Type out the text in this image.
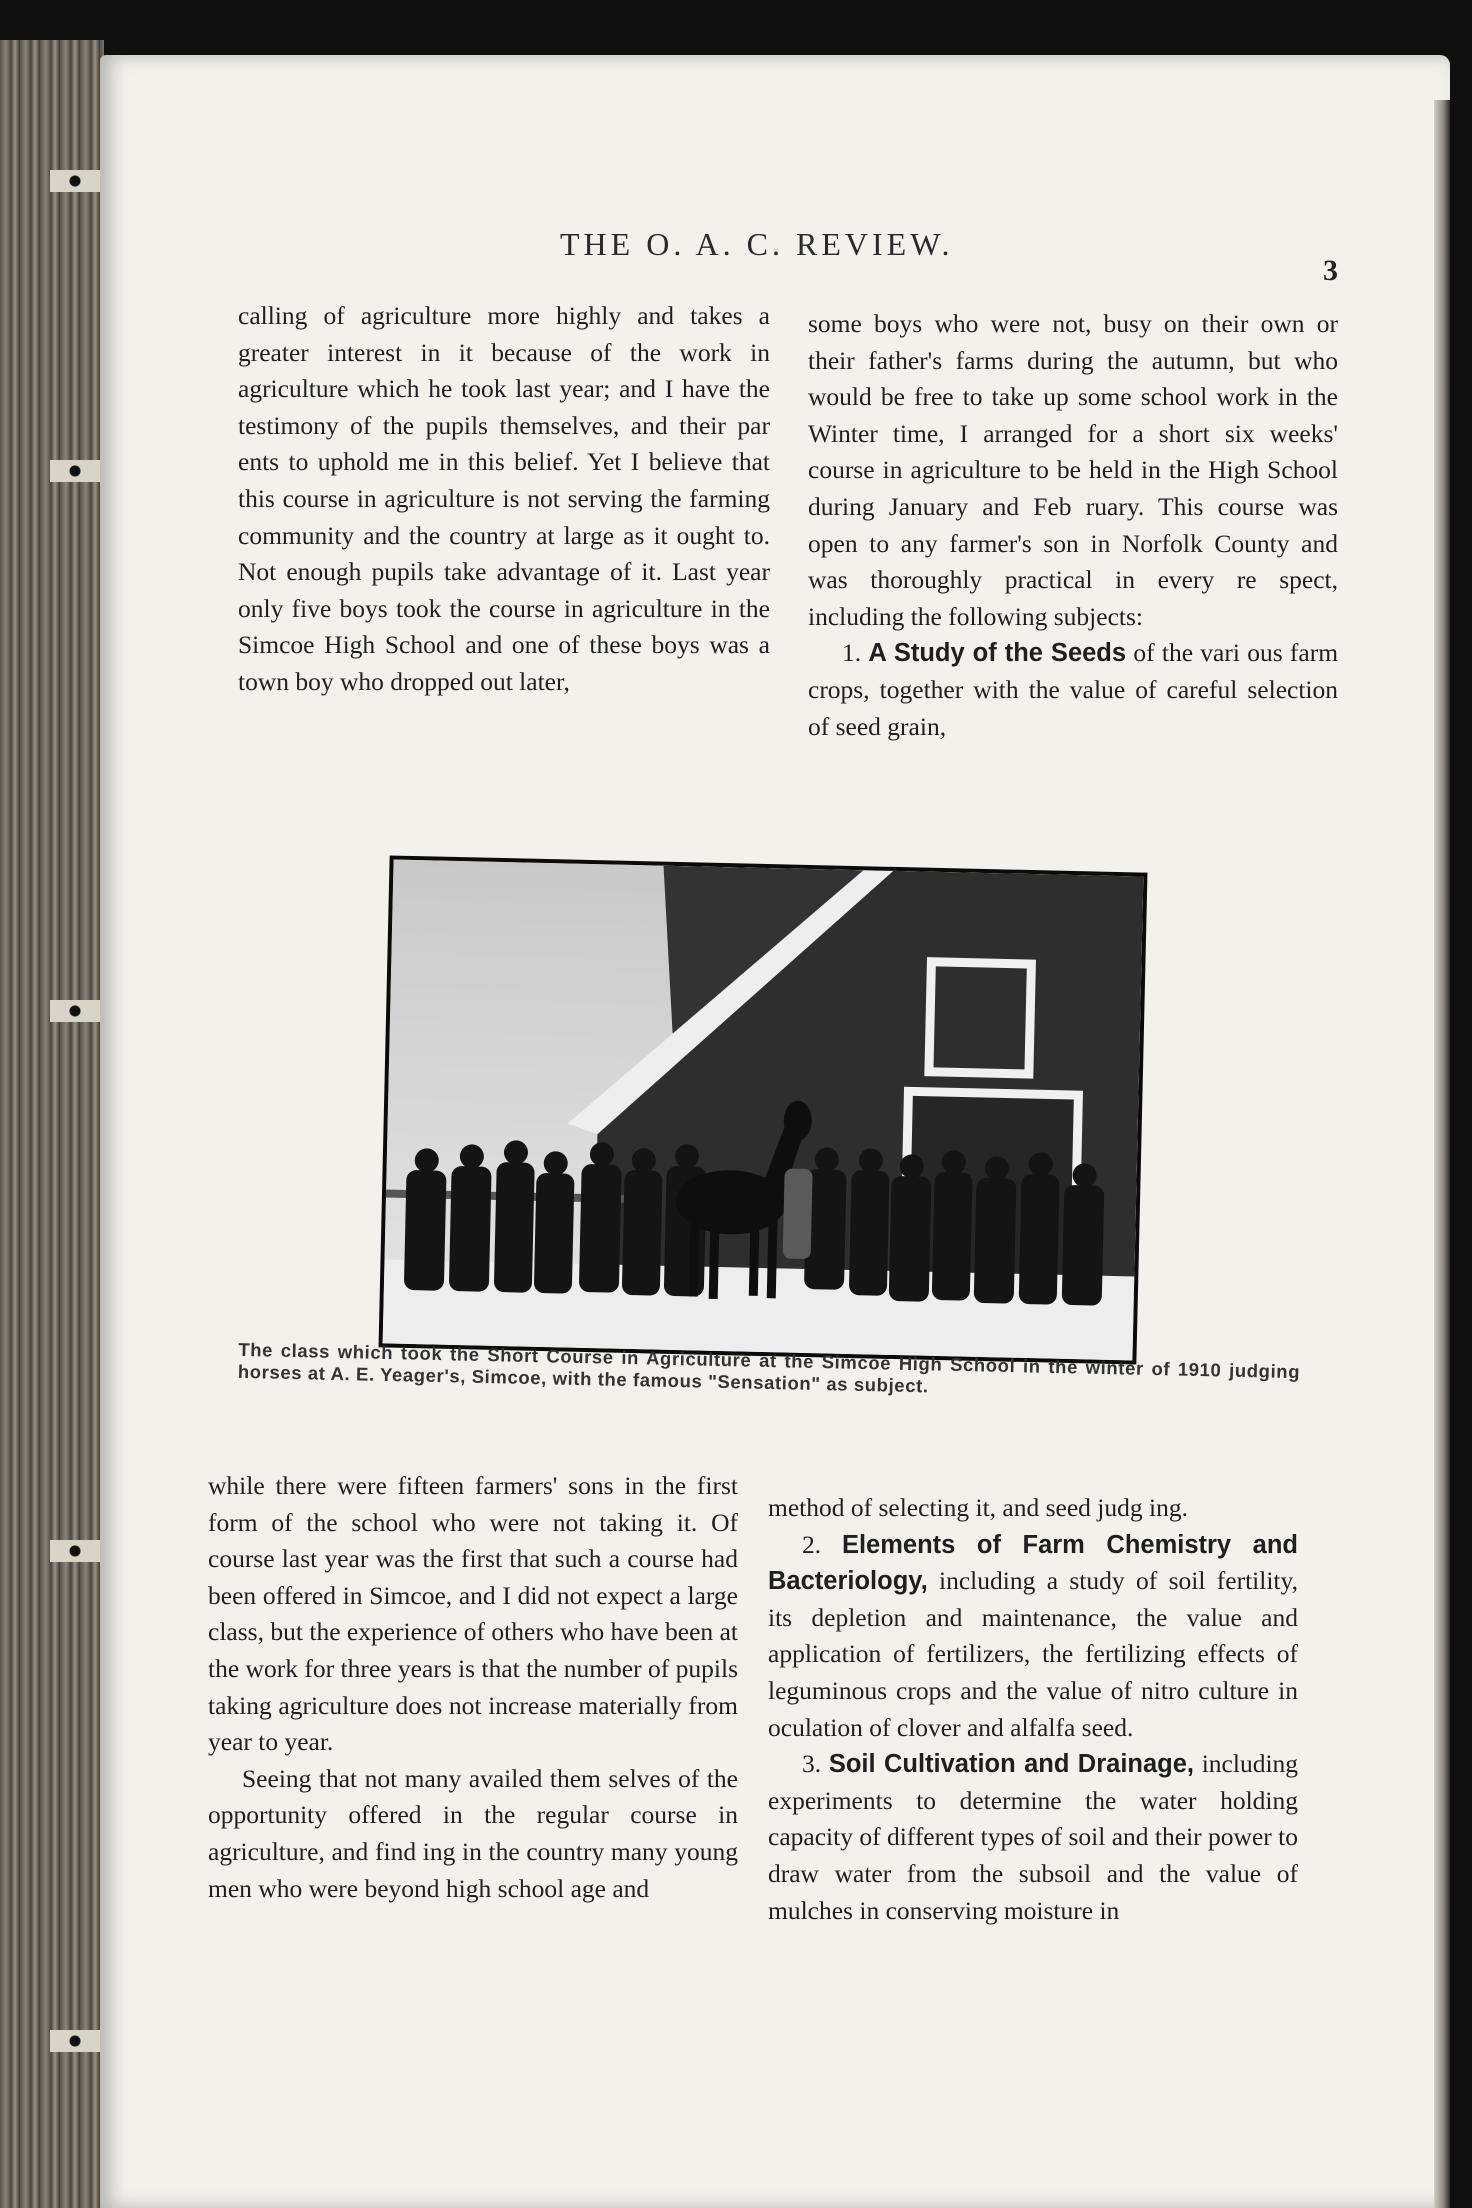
THE O. A. C. REVIEW.
3

calling of agriculture more highly and takes a greater interest in it because of the work in agriculture which he took last year; and I have the testimony of the pupils themselves, and their par ents to uphold me in this belief. Yet I believe that this course in agriculture is not serving the farming community and the country at large as it ought to. Not enough pupils take advantage of it. Last year only five boys took the course in agriculture in the Simcoe High School and one of these boys was a town boy who dropped out later,

some boys who were not, busy on their own or their father's farms during the autumn, but who would be free to take up some school work in the Winter time, I arranged for a short six weeks' course in agriculture to be held in the High School during January and Feb ruary. This course was open to any farmer's son in Norfolk County and was thoroughly practical in every re spect, including the following subjects:

1. A Study of the Seeds of the vari ous farm crops, together with the value of careful selection of seed grain,

The class which took the Short Course in Agriculture at the Simcoe High School in the winter of 1910 judging horses at A. E. Yeager's, Simcoe, with the famous "Sensation" as subject.

while there were fifteen farmers' sons in the first form of the school who were not taking it. Of course last year was the first that such a course had been offered in Simcoe, and I did not expect a large class, but the experience of others who have been at the work for three years is that the number of pupils taking agriculture does not increase materially from year to year.

Seeing that not many availed them selves of the opportunity offered in the regular course in agriculture, and find ing in the country many young men who were beyond high school age and

method of selecting it, and seed judg ing.

2. Elements of Farm Chemistry and Bacteriology, including a study of soil fertility, its depletion and maintenance, the value and application of fertilizers, the fertilizing effects of leguminous crops and the value of nitro culture in oculation of clover and alfalfa seed.

3. Soil Cultivation and Drainage, including experiments to determine the water holding capacity of different types of soil and their power to draw water from the subsoil and the value of mulches in conserving moisture in
